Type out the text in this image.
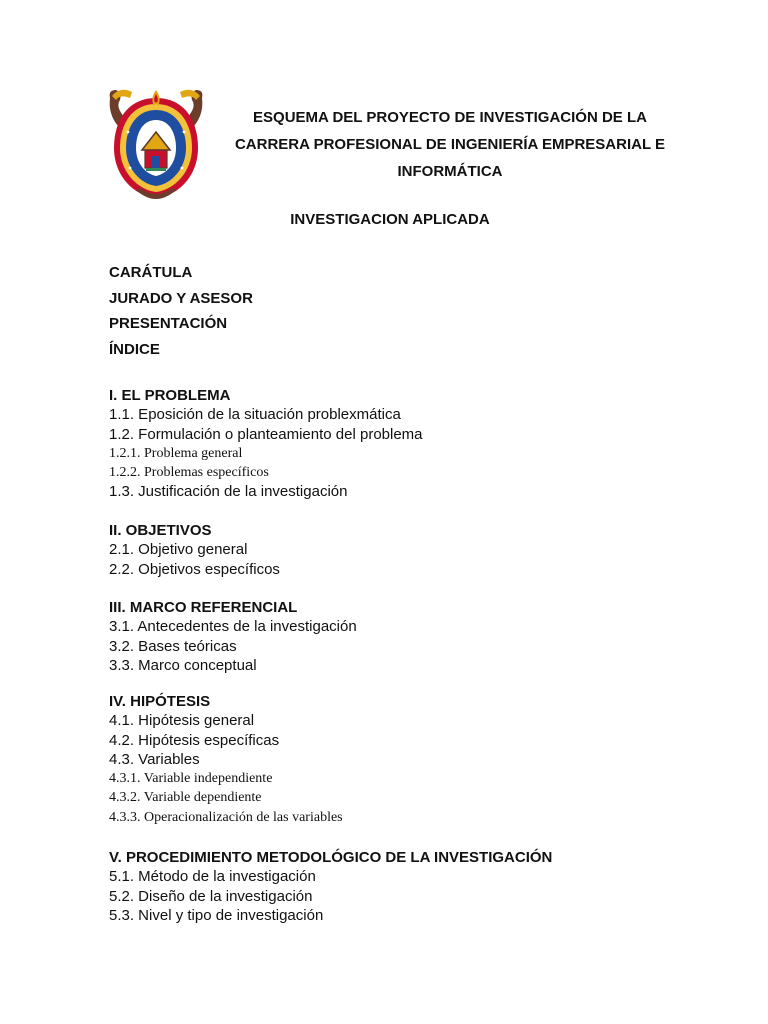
ESQUEMA DEL PROYECTO DE INVESTIGACIÓN DE LA
CARRERA PROFESIONAL DE INGENIERÍA EMPRESARIAL E
INFORMÁTICA
INVESTIGACION APLICADA
CARÁTULA
JURADO Y ASESOR
PRESENTACIÓN
ÍNDICE
I. EL PROBLEMA
1.1. Eposición de la situación problexmática
1.2. Formulación o planteamiento del problema
1.2.1. Problema general
1.2.2. Problemas específicos
1.3. Justificación de la investigación
II. OBJETIVOS
2.1. Objetivo general
2.2. Objetivos específicos
III. MARCO REFERENCIAL
3.1. Antecedentes de la investigación
3.2. Bases teóricas
3.3. Marco conceptual
IV. HIPÓTESIS
4.1. Hipótesis general
4.2. Hipótesis específicas
4.3. Variables
4.3.1. Variable independiente
4.3.2. Variable dependiente
4.3.3. Operacionalización de las variables
V. PROCEDIMIENTO METODOLÓGICO DE LA INVESTIGACIÓN
5.1. Método de la investigación
5.2. Diseño de la investigación
5.3. Nivel y tipo de investigación
